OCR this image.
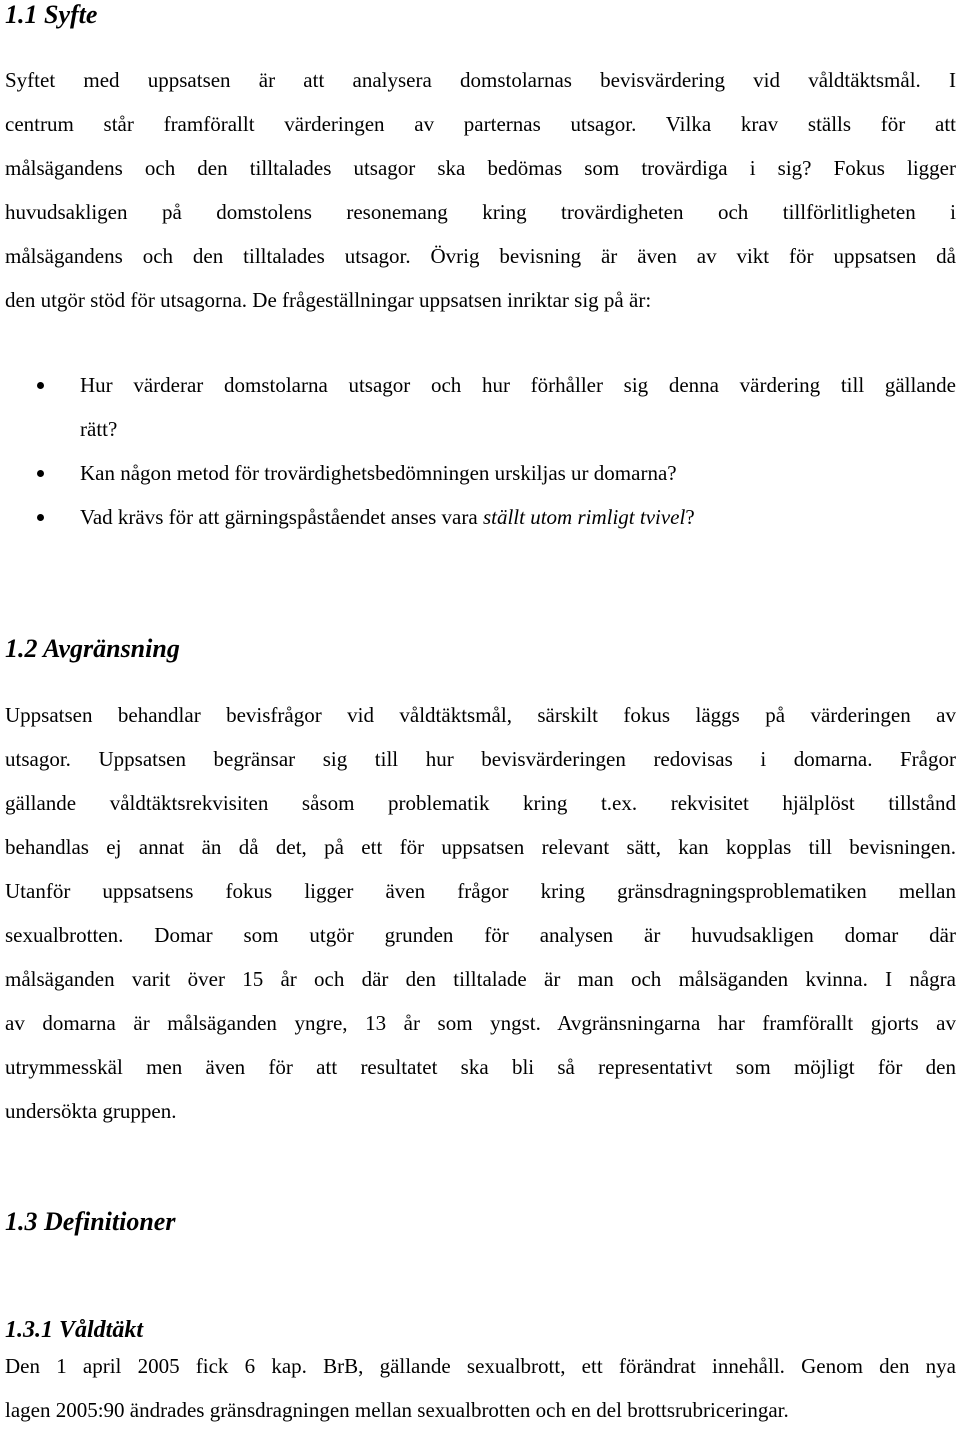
1.1 Syfte
Syftet med uppsatsen är att analysera domstolarnas bevisvärdering vid våldtäktsmål. I
centrum står framförallt värderingen av parternas utsagor. Vilka krav ställs för att
målsägandens och den tilltalades utsagor ska bedömas som trovärdiga i sig? Fokus ligger
huvudsakligen på domstolens resonemang kring trovärdigheten och tillförlitligheten i
målsägandens och den tilltalades utsagor. Övrig bevisning är även av vikt för uppsatsen då
den utgör stöd för utsagorna. De frågeställningar uppsatsen inriktar sig på är:
Hur värderar domstolarna utsagor och hur förhåller sig denna värdering till gällande
rätt?
Kan någon metod för trovärdighetsbedömningen urskiljas ur domarna?
Vad krävs för att gärningspåståendet anses vara ställt utom rimligt tvivel?
1.2 Avgränsning
Uppsatsen behandlar bevisfrågor vid våldtäktsmål, särskilt fokus läggs på värderingen av
utsagor. Uppsatsen begränsar sig till hur bevisvärderingen redovisas i domarna. Frågor
gällande våldtäktsrekvisiten såsom problematik kring t.ex. rekvisitet hjälplöst tillstånd
behandlas ej annat än då det, på ett för uppsatsen relevant sätt, kan kopplas till bevisningen.
Utanför uppsatsens fokus ligger även frågor kring gränsdragningsproblematiken mellan
sexualbrotten. Domar som utgör grunden för analysen är huvudsakligen domar där
målsäganden varit över 15 år och där den tilltalade är man och målsäganden kvinna. I några
av domarna är målsäganden yngre, 13 år som yngst. Avgränsningarna har framförallt gjorts av
utrymmesskäl men även för att resultatet ska bli så representativt som möjligt för den
undersökta gruppen.
1.3 Definitioner
1.3.1 Våldtäkt
Den 1 april 2005 fick 6 kap. BrB, gällande sexualbrott, ett förändrat innehåll. Genom den nya
lagen 2005:90 ändrades gränsdragningen mellan sexualbrotten och en del brottsrubriceringar.
